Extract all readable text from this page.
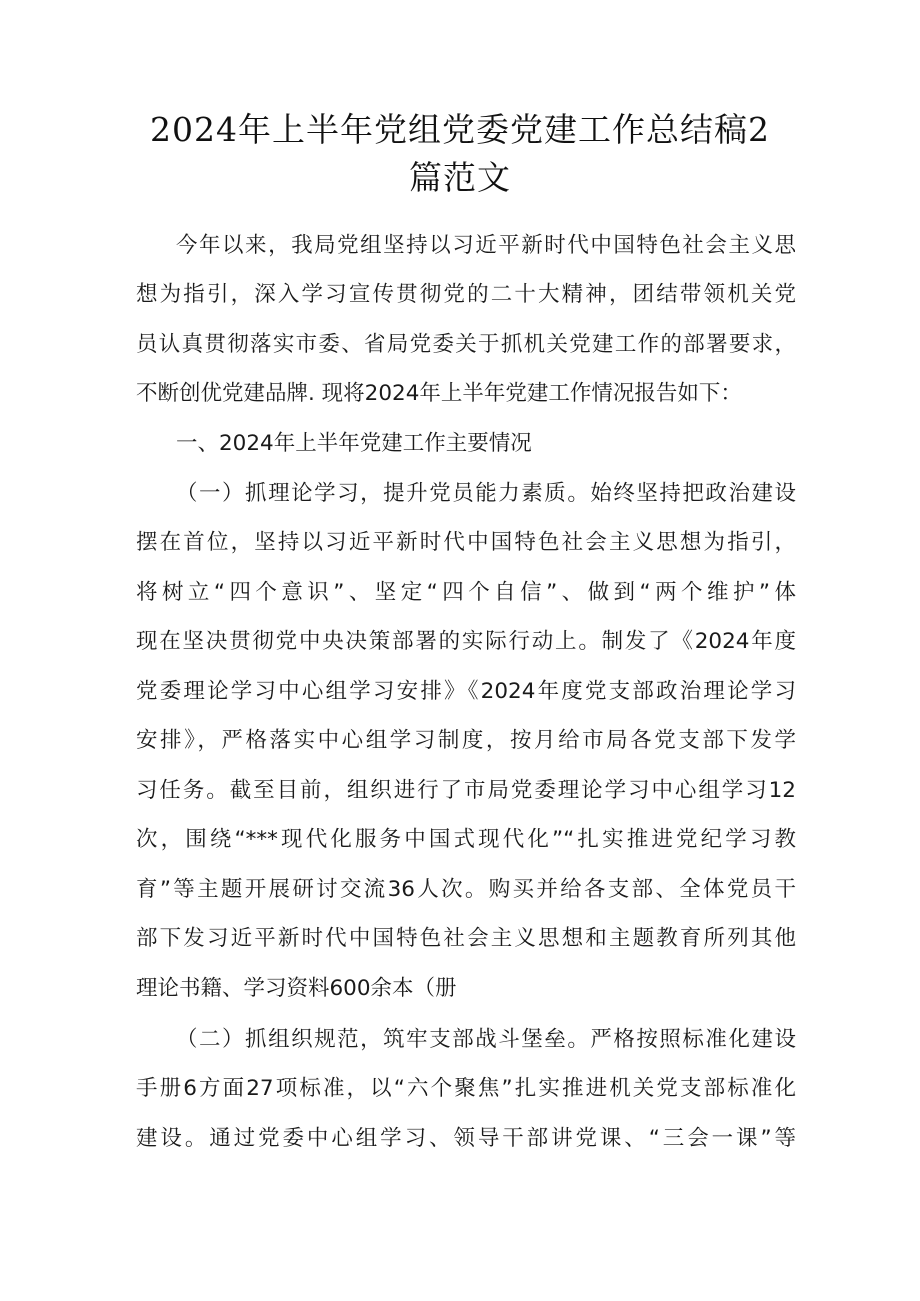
2024年上半年党组党委党建工作总结稿2
篇范文
今年以来，我局党组坚持以习近平新时代中国特色社会主义思
想为指引，深入学习宣传贯彻党的二十大精神，团结带领机关党
员认真贯彻落实市委、省局党委关于抓机关党建工作的部署要求，
不断创优党建品牌. 现将2024年上半年党建工作情况报告如下：
一、2024年上半年党建工作主要情况
（一）抓理论学习，提升党员能力素质。始终坚持把政治建设
摆在首位，坚持以习近平新时代中国特色社会主义思想为指引，
将树立“四个意识”、坚定“四个自信”、做到“两个维护”体
现在坚决贯彻党中央决策部署的实际行动上。制发了《2024年度
党委理论学习中心组学习安排》《2024年度党支部政治理论学习
安排》，严格落实中心组学习制度，按月给市局各党支部下发学
习任务。截至目前，组织进行了市局党委理论学习中心组学习12
次，围绕“***现代化服务中国式现代化”“扎实推进党纪学习教
育”等主题开展研讨交流36人次。购买并给各支部、全体党员干
部下发习近平新时代中国特色社会主义思想和主题教育所列其他
理论书籍、学习资料600余本（册
（二）抓组织规范，筑牢支部战斗堡垒。严格按照标准化建设
手册6方面27项标准，以“六个聚焦”扎实推进机关党支部标准化
建设。通过党委中心组学习、领导干部讲党课、“三会一课”等
